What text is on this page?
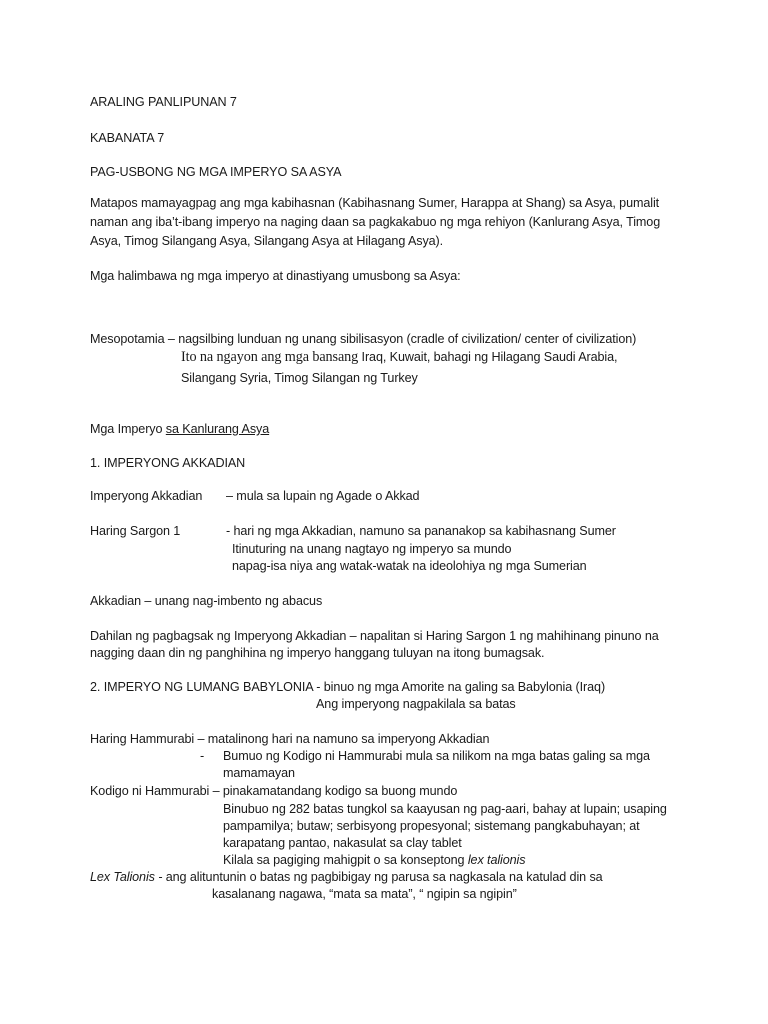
ARALING PANLIPUNAN 7
KABANATA 7
PAG-USBONG NG MGA IMPERYO SA ASYA
Matapos mamayagpag ang mga kabihasnan (Kabihasnang Sumer, Harappa at Shang) sa Asya, pumalit
naman ang iba’t-ibang imperyo na naging daan sa pagkakabuo ng mga rehiyon (Kanlurang Asya, Timog
Asya, Timog Silangang Asya, Silangang Asya at Hilagang Asya).
Mga halimbawa ng mga imperyo at dinastiyang umusbong sa Asya:
Mesopotamia – nagsilbing lunduan ng unang sibilisasyon (cradle of civilization/ center of civilization)
Ito na ngayon ang mga bansang Iraq, Kuwait, bahagi ng Hilagang Saudi Arabia,
Silangang Syria, Timog Silangan ng Turkey
Mga Imperyo sa Kanlurang Asya
1. IMPERYONG AKKADIAN
Imperyong Akkadian – mula sa lupain ng Agade o Akkad
Haring Sargon 1	- hari ng mga Akkadian, namuno sa pananakop sa kabihasnang Sumer
Itinuturing na unang nagtayo ng imperyo sa mundo
napag-isa niya ang watak-watak na ideolohiya ng mga Sumerian
Akkadian – unang nag-imbento ng abacus
Dahilan ng pagbagsak ng Imperyong Akkadian – napalitan si Haring Sargon 1 ng mahihinang pinuno na
nagging daan din ng panghihina ng imperyo hanggang tuluyan na itong bumagsak.
2. IMPERYO NG LUMANG BABYLONIA - binuo ng mga Amorite na galing sa Babylonia (Iraq)
Ang imperyong nagpakilala sa batas
Haring Hammurabi – matalinong hari na namuno sa imperyong Akkadian
- Bumuo ng Kodigo ni Hammurabi mula sa nilikom na mga batas galing sa mga
mamamayan
Kodigo ni Hammurabi – pinakamatandang kodigo sa buong mundo
Binubuo ng 282 batas tungkol sa kaayusan ng pag-aari, bahay at lupain; usaping
pampamilya; butaw; serbisyong propesyonal; sistemang pangkabuhayan; at
karapatang pantao, nakasulat sa clay tablet
Kilala sa pagiging mahigpit o sa konseptong lex talionis
Lex Talionis - ang alituntunin o batas ng pagbibigay ng parusa sa nagkasala na katulad din sa
kasalanang nagawa, “mata sa mata”, “ ngipin sa ngipin”
